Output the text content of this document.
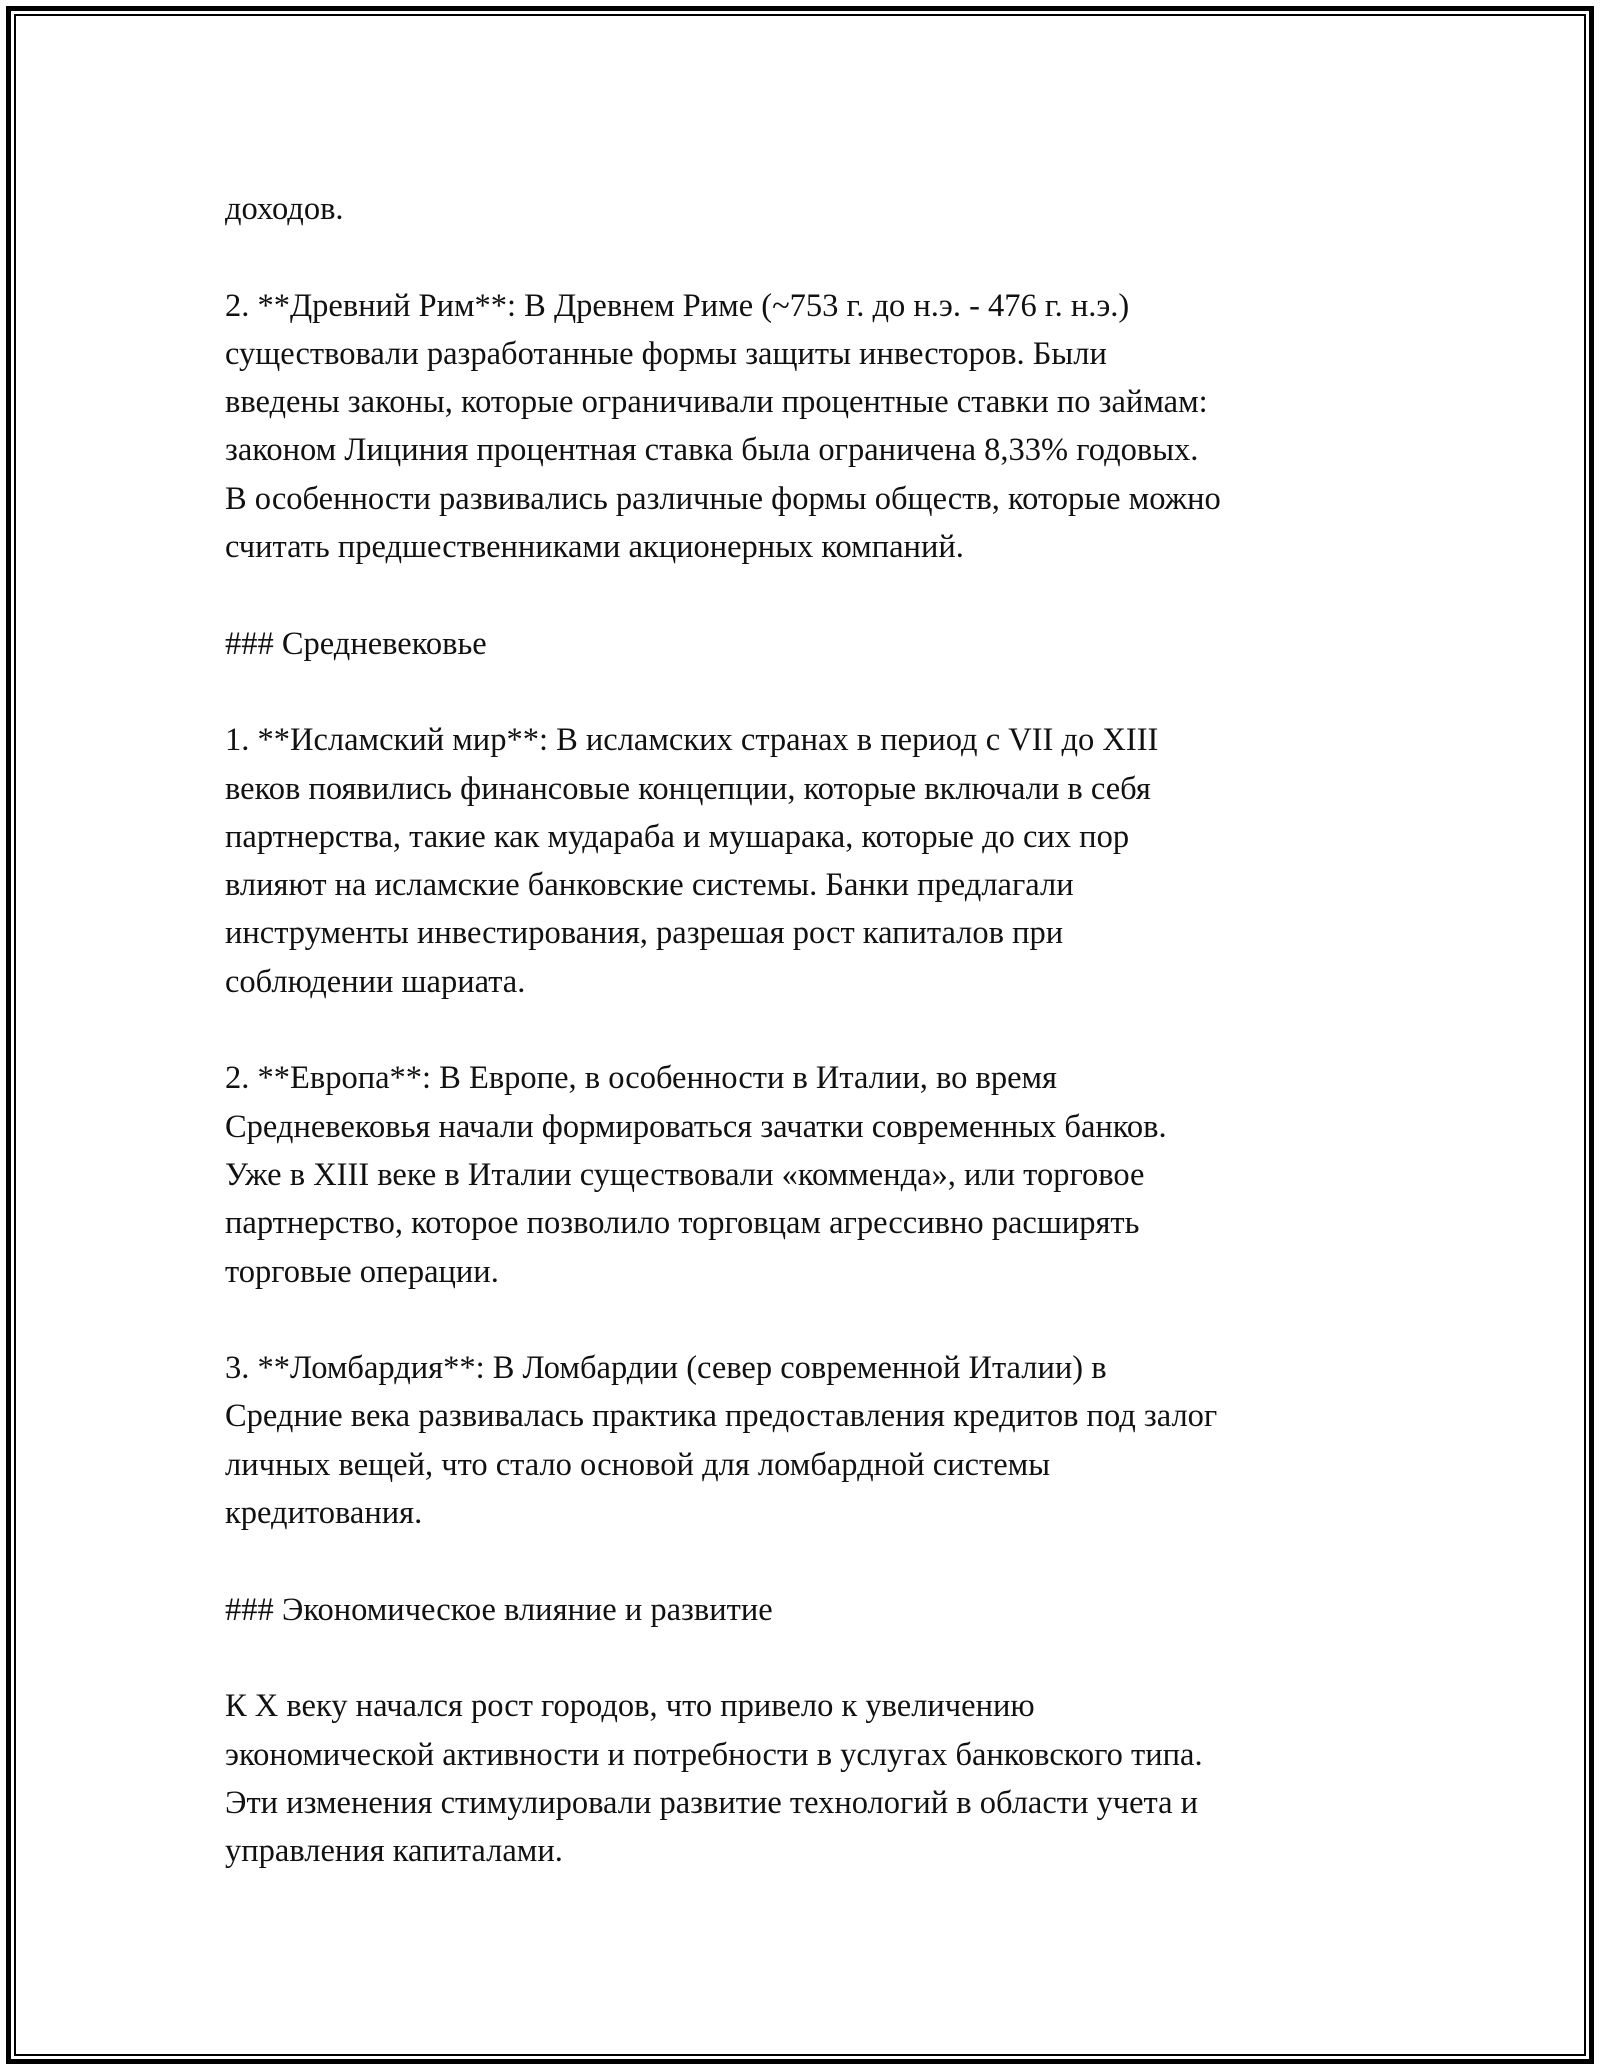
доходов.

2. **Древний Рим**: В Древнем Риме (~753 г. до н.э. - 476 г. н.э.)
существовали разработанные формы защиты инвесторов. Были
введены законы, которые ограничивали процентные ставки по займам:
законом Лициния процентная ставка была ограничена 8,33% годовых.
В особенности развивались различные формы обществ, которые можно
считать предшественниками акционерных компаний.

### Средневековье

1. **Исламский мир**: В исламских странах в период с VII до XIII
веков появились финансовые концепции, которые включали в себя
партнерства, такие как мудараба и мушарака, которые до сих пор
влияют на исламские банковские системы. Банки предлагали
инструменты инвестирования, разрешая рост капиталов при
соблюдении шариата.

2. **Европа**: В Европе, в особенности в Италии, во время
Средневековья начали формироваться зачатки современных банков.
Уже в XIII веке в Италии существовали «комменда», или торговое
партнерство, которое позволило торговцам агрессивно расширять
торговые операции.

3. **Ломбардия**: В Ломбардии (север современной Италии) в
Средние века развивалась практика предоставления кредитов под залог
личных вещей, что стало основой для ломбардной системы
кредитования.

### Экономическое влияние и развитие

К X веку начался рост городов, что привело к увеличению
экономической активности и потребности в услугах банковского типа.
Эти изменения стимулировали развитие технологий в области учета и
управления капиталами.
